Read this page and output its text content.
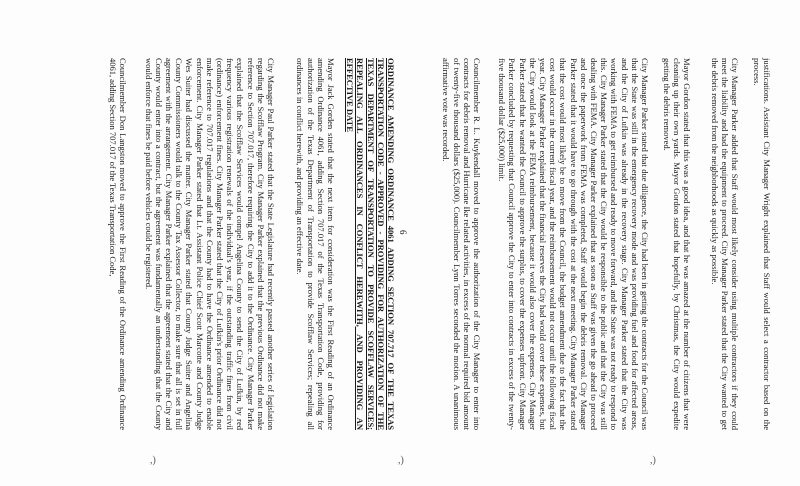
justifications. Assistant City Manager Wright explained that Staff would select a contractor based on the process.
City Manager Parker added that Staff would most likely consider using multiple contractors if they could meet the liability and had the equipment to proceed. City Manager Parker stated that the City wanted to get the debris removed from the neighborhoods as quickly as possible.
Mayor Gordon stated that this was a good idea, and that he was amazed at the number of citizens that were cleaning up their own yards. Mayor Gordon stated that hopefully, by Christmas, the City would expedite getting the debris removed.
City Manager Parker stated that due diligence, the City had been in getting the contracts for the Council was that the State was still in the emergency recovery mode and was providing fuel and food for affected areas, and the City of Lufkin was already in the recovery stage. City Manager Parker stated that the City was working with FEMA to get reimbursed and ready to move forward, and the State was not ready to respond to this. City Manager Parker stated that the City would be responsible to the public and that the City was still dealing with FEMA. City Manager Parker explained that as soon as Staff was given the go ahead to proceed and once the paperwork from FEMA was completed, Staff would begin the debris removal. City Manager Parker stated that it would have to go through with the cost at the next meeting. City Manager Parker stated that the cost would most likely be to move from the Council, the budget amendment due to the fact that the cost would occur in the current fiscal year, and the reimbursement would not occur until the following fiscal year. City Manager Parker explained that the financial reserves the City had would cover these expenses, but the City would look at the FEMA reimbursement, because it would also cover the expenses. City Manager Parker stated that he wanted the Council to approve the surplus, to cover the expenses upfront. City Manager Parker concluded by requesting that Council approve the City to enter into contracts in excess of the twenty-five thousand dollar ($25,000) limit.
Councilmember R. L. Kuykendall moved to approve the authorization of the City Manager to enter into contracts for debris removal and Hurricane Ike related activities, in excess of the normal required bid amount of twenty-five thousand dollars ($25,000). Councilmember Lynn Torres seconded the motion. A unanimous affirmative vote was recorded.
6
ORDINANCE AMENDING ORDINANCE 4061 ADDING SECTION 707.717 OF THE TEXAS TRANSPORTATION CODE - APPROVED - PROVIDING FOR AUTHORIZATION OF THE TEXAS DEPARTMENT OF TRANSPORTATION TO PROVIDE SCOFFLAW SERVICES; REPEALING ALL ORDINANCES IN CONFLICT HEREWITH, AND PROVIDING AN EFFECTIVE DATE
Mayor Jack Gorden stated that the next item for consideration was the First Reading of an Ordinance amending Ordinance 4061, adding Section 707.017 of the Texas Transportation Code, providing for authorization of the Texas Department of Transportation to provide Scofflaw Services; repealing all ordinances in conflict herewith, and providing an effective date.
City Manager Paul Parker stated that the State Legislature had recently passed another series of legislation regarding the Scofflaw Program. City Manager Parker explained that the previous Ordinance did not make reference to Section 707.017, therefore requiring the City to add it to the Ordinance. City Manager Parker explained that the Scofflaw Services would compel Angelina County to send the City of Lufkin, by red frequency various registration renewals of the individual's year, if the outstanding traffic fines from civil (ordinance) enforcement fines. City Manager Parker stated that the City of Lufkin's prior Ordinance did not make reference to 707.017 regulations and that the County had to have the Ordinance amended to enable enforcement. City Manager Parker stated that Lt. Assistant Police Chief Scott Marcotte and County Judge Wes Suiter had discussed the matter. City Manager Parker stated that County Judge Suiter and Angelina County Commissioners would talk to the County Tax Assessor Collector, to make sure that all is set in full agreement with the arrangement. City Manager Parker explained that the agreement stated that the City and County would enter into a contract, but the agreement was fundamentally an understanding that the County would enforce that fines be paid before vehicles could be registered.
Councilmember Don Langston moved to approve the First Reading of the Ordinance amending Ordinance 4061, adding Section 707.017 of the Texas Transportation Code,
,)	,)	,)
